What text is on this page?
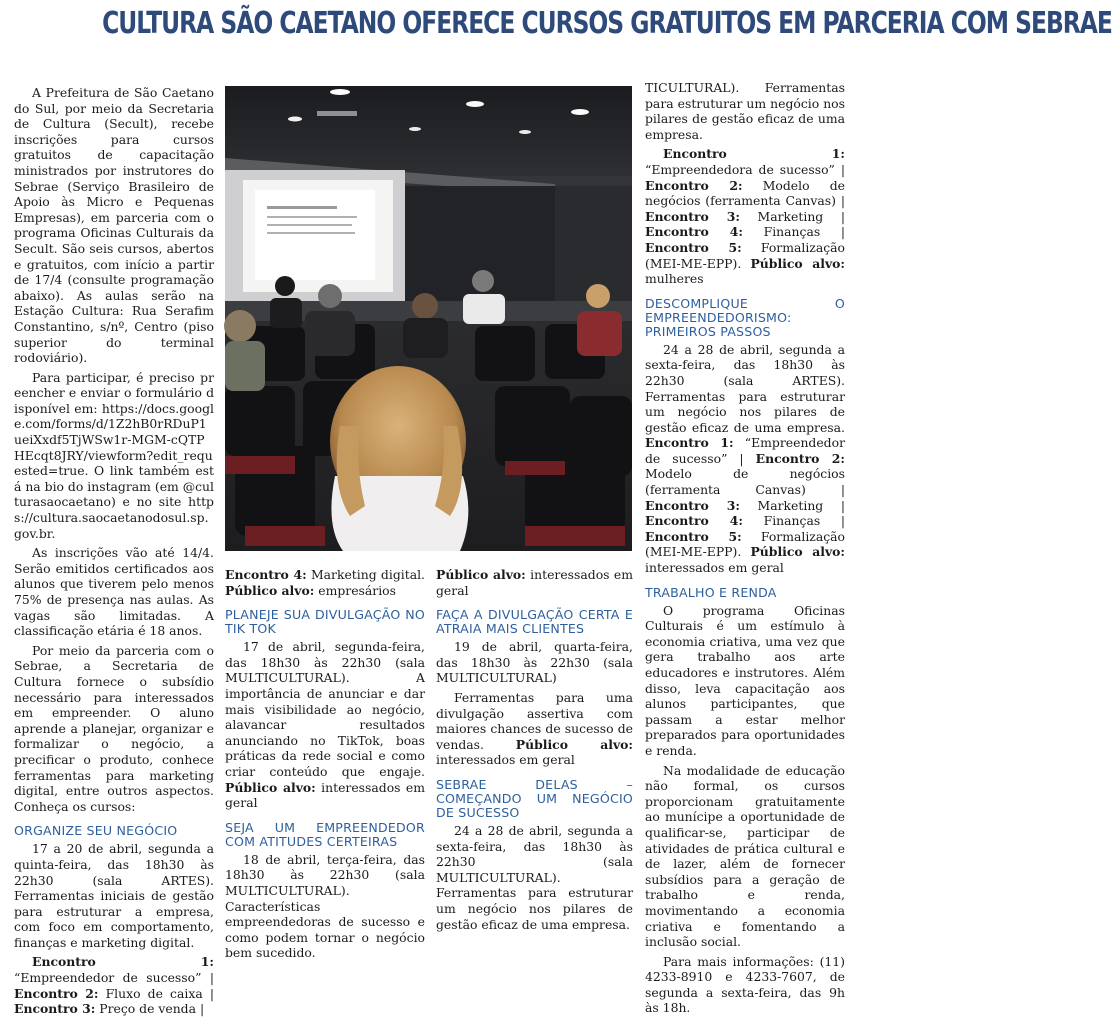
CULTURA SÃO CAETANO OFERECE CURSOS GRATUITOS EM PARCERIA COM SEBRAE

A Prefeitura de São Caetano do Sul, por meio da Secretaria de Cultura (Secult), recebe inscrições para cursos gratuitos de capacitação ministrados por instrutores do Sebrae (Serviço Brasileiro de Apoio às Micro e Pequenas Empresas), em parceria com o programa Oficinas Culturais da Secult. São seis cursos, abertos e gratuitos, com início a partir de 17/4 (consulte programação abaixo). As aulas serão na Estação Cultura: Rua Serafim Constantino, s/nº, Centro (piso superior do terminal rodoviário).

Para participar, é preciso preencher e enviar o formulário disponível em: https://docs.google.com/forms/d/1Z2hB0rRDuP1ueiXxdf5TjWSw1r-MGM-cQTPHEcqt8JRY/viewform?edit_requested=true. O link também está na bio do instagram (em @culturasaocaetano) e no site https://cultura.saocaetanodosul.sp.gov.br.

As inscrições vão até 14/4. Serão emitidos certificados aos alunos que tiverem pelo menos 75% de presença nas aulas. As vagas são limitadas. A classificação etária é 18 anos.

Por meio da parceria com o Sebrae, a Secretaria de Cultura fornece o subsídio necessário para interessados em empreender. O aluno aprende a planejar, organizar e formalizar o negócio, a precificar o produto, conhece ferramentas para marketing digital, entre outros aspectos. Conheça os cursos:

ORGANIZE SEU NEGÓCIO

17 a 20 de abril, segunda a quinta-feira, das 18h30 às 22h30 (sala ARTES). Ferramentas iniciais de gestão para estruturar a empresa, com foco em comportamento, finanças e marketing digital.

Encontro 1: “Empreendedor de sucesso” | Encontro 2: Fluxo de caixa | Encontro 3: Preço de venda |

Encontro 4: Marketing digital. Público alvo: empresários

PLANEJE SUA DIVULGAÇÃO NO TIK TOK

17 de abril, segunda-feira, das 18h30 às 22h30 (sala MULTICULTURAL). A importância de anunciar e dar mais visibilidade ao negócio, alavancar resultados anunciando no TikTok, boas práticas da rede social e como criar conteúdo que engaje. Público alvo: interessados em geral

SEJA UM EMPREENDEDOR COM ATITUDES CERTEIRAS

18 de abril, terça-feira, das 18h30 às 22h30 (sala MULTICULTURAL). Características empreendedoras de sucesso e como podem tornar o negócio bem sucedido.

Público alvo: interessados em geral

FAÇA A DIVULGAÇÃO CERTA E ATRAIA MAIS CLIENTES

19 de abril, quarta-feira, das 18h30 às 22h30 (sala MULTICULTURAL)

Ferramentas para uma divulgação assertiva com maiores chances de sucesso de vendas. Público alvo: interessados em geral

SEBRAE DELAS – COMEÇANDO UM NEGÓCIO DE SUCESSO

24 a 28 de abril, segunda a sexta-feira, das 18h30 às 22h30 (sala MULTICULTURAL). Ferramentas para estruturar um negócio nos pilares de gestão eficaz de uma empresa.

TICULTURAL). Ferramentas para estruturar um negócio nos pilares de gestão eficaz de uma empresa.

Encontro 1: “Empreendedora de sucesso” | Encontro 2: Modelo de negócios (ferramenta Canvas) | Encontro 3: Marketing | Encontro 4: Finanças | Encontro 5: Formalização (MEI-ME-EPP). Público alvo: mulheres

DESCOMPLIQUE O EMPREENDEDORISMO: PRIMEIROS PASSOS

24 a 28 de abril, segunda a sexta-feira, das 18h30 às 22h30 (sala ARTES). Ferramentas para estruturar um negócio nos pilares de gestão eficaz de uma empresa. Encontro 1: “Empreendedor de sucesso” | Encontro 2: Modelo de negócios (ferramenta Canvas) | Encontro 3: Marketing | Encontro 4: Finanças | Encontro 5: Formalização (MEI-ME-EPP). Público alvo: interessados em geral

TRABALHO E RENDA

O programa Oficinas Culturais é um estímulo à economia criativa, uma vez que gera trabalho aos arte educadores e instrutores. Além disso, leva capacitação aos alunos participantes, que passam a estar melhor preparados para oportunidades e renda.

Na modalidade de educação não formal, os cursos proporcionam gratuitamente ao munícipe a oportunidade de qualificar-se, participar de atividades de prática cultural e de lazer, além de fornecer subsídios para a geração de trabalho e renda, movimentando a economia criativa e fomentando a inclusão social.

Para mais informações: (11) 4233-8910 e 4233-7607, de segunda a sexta-feira, das 9h às 18h.
